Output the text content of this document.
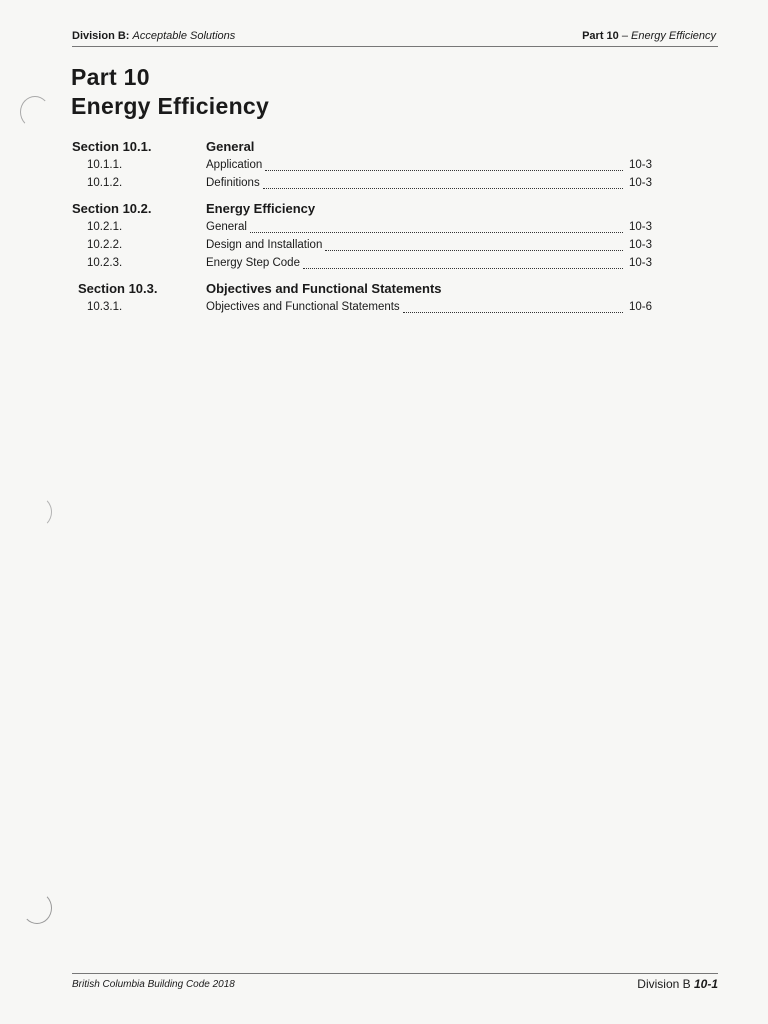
Division B: Acceptable Solutions	Part 10 – Energy Efficiency
Part 10
Energy Efficiency
Section 10.1.	General
10.1.1.	Application	10-3
10.1.2.	Definitions	10-3
Section 10.2.	Energy Efficiency
10.2.1.	General	10-3
10.2.2.	Design and Installation	10-3
10.2.3.	Energy Step Code	10-3
Section 10.3.	Objectives and Functional Statements
10.3.1.	Objectives and Functional Statements	10-6
British Columbia Building Code 2018	Division B 10-1
